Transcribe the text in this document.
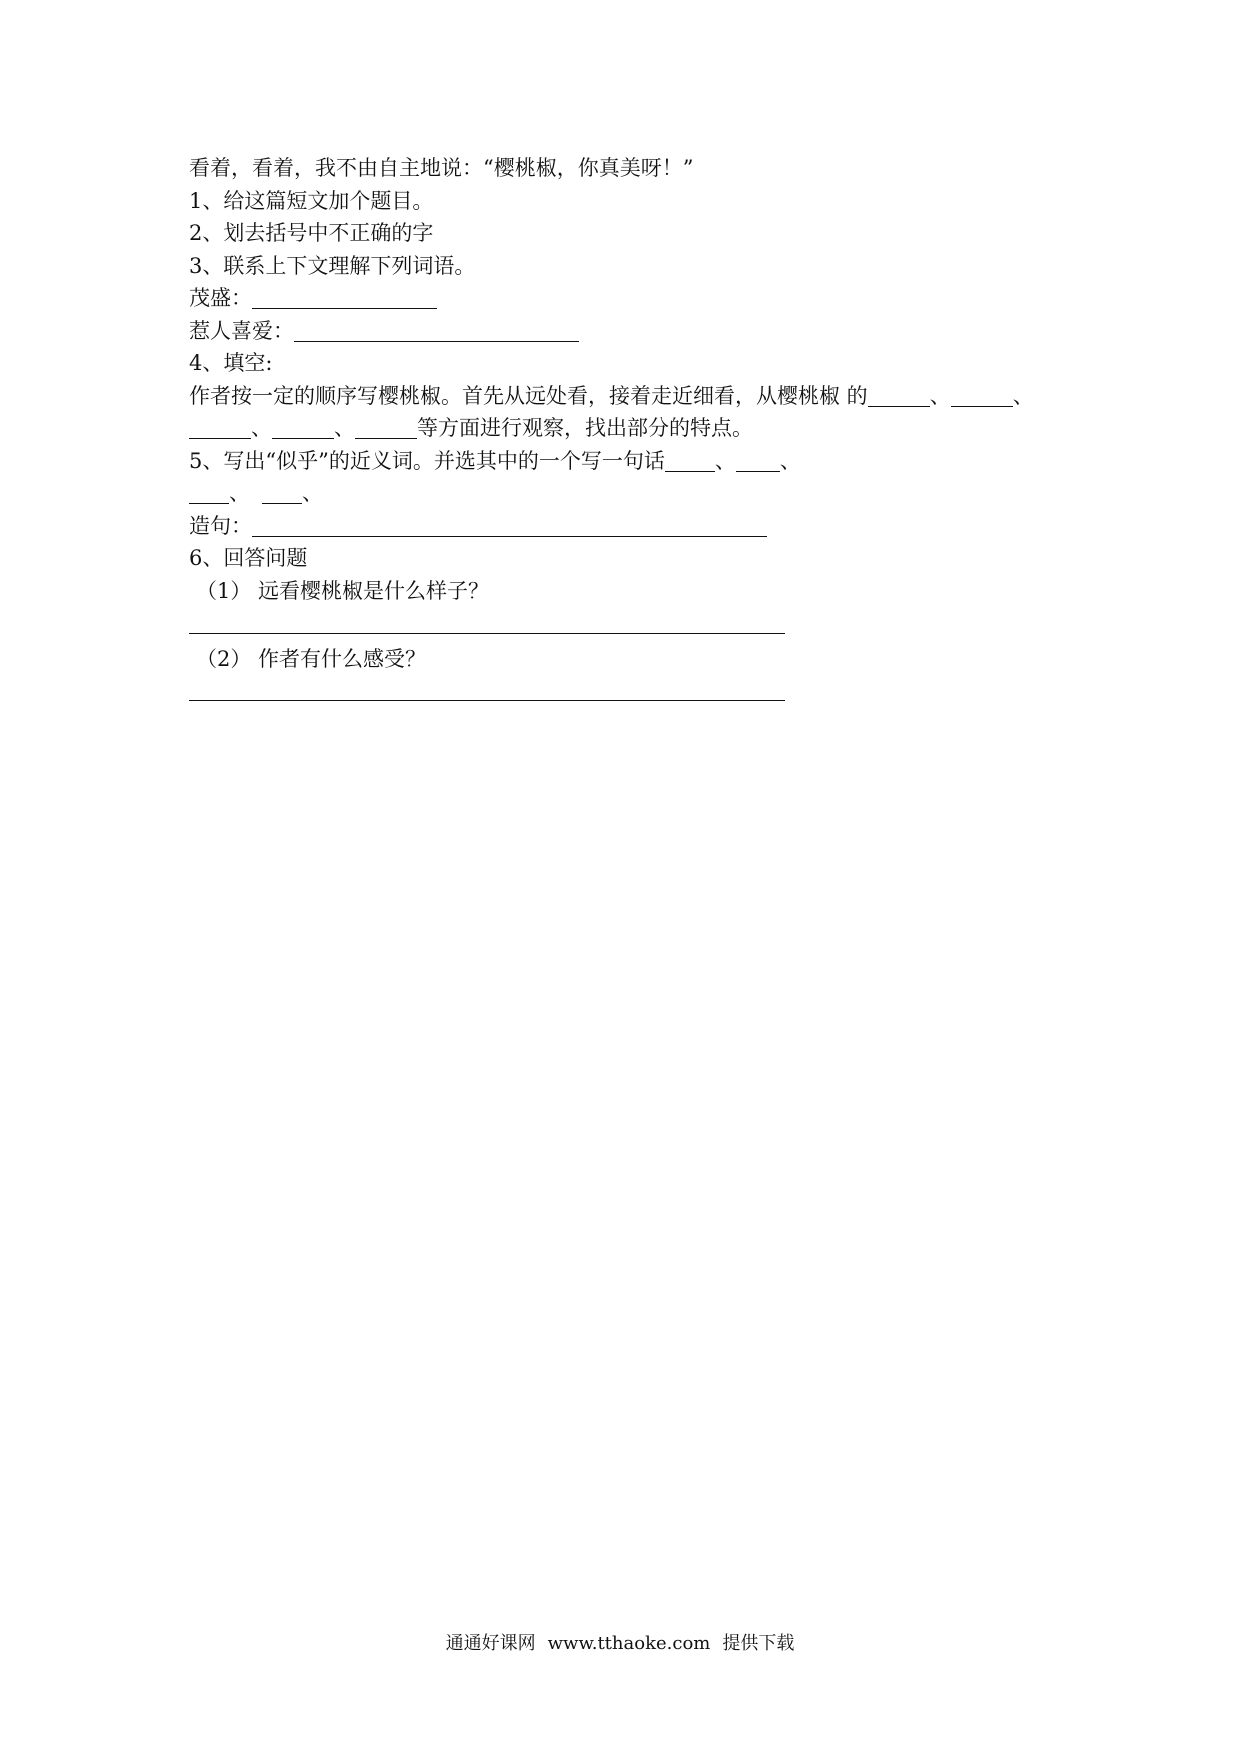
看着，看着，我不由自主地说：“樱桃椒，你真美呀！”
1、给这篇短文加个题目。
2、划去括号中不正确的字
3、联系上下文理解下列词语。
茂盛：
惹人喜爱：
4、填空:
作者按一定的顺序写樱桃椒。首先从远处看，接着走近细看，从樱桃椒 的	、	、
、	、	等方面进行观察，找出部分的特点。
5、写出“似乎”的近义词。并选其中的一个写一句话 、 、
、 、
造句：
6、回答问题
（1） 远看樱桃椒是什么样子？
（2） 作者有什么感受？
通通好课网 www.tthaoke.com 提供下载
